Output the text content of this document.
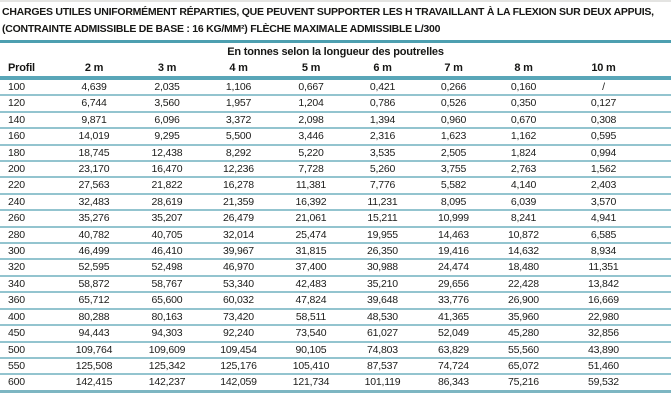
CHARGES UTILES UNIFORMÉMENT RÉPARTIES, QUE PEUVENT SUPPORTER LES H TRAVAILLANT À LA FLEXION SUR DEUX APPUIS,
(CONTRAINTE ADMISSIBLE DE BASE : 16 KG/MM²) FLÈCHE MAXIMALE ADMISSIBLE L/300
En tonnes selon la longueur des poutrelles
Profil	2 m	3 m	4 m	5 m	6 m	7 m	8 m	10 m
100	4,639	2,035	1,106	0,667	0,421	0,266	0,160	/
120	6,744	3,560	1,957	1,204	0,786	0,526	0,350	0,127
140	9,871	6,096	3,372	2,098	1,394	0,960	0,670	0,308
160	14,019	9,295	5,500	3,446	2,316	1,623	1,162	0,595
180	18,745	12,438	8,292	5,220	3,535	2,505	1,824	0,994
200	23,170	16,470	12,236	7,728	5,260	3,755	2,763	1,562
220	27,563	21,822	16,278	11,381	7,776	5,582	4,140	2,403
240	32,483	28,619	21,359	16,392	11,231	8,095	6,039	3,570
260	35,276	35,207	26,479	21,061	15,211	10,999	8,241	4,941
280	40,782	40,705	32,014	25,474	19,955	14,463	10,872	6,585
300	46,499	46,410	39,967	31,815	26,350	19,416	14,632	8,934
320	52,595	52,498	46,970	37,400	30,988	24,474	18,480	11,351
340	58,872	58,767	53,340	42,483	35,210	29,656	22,428	13,842
360	65,712	65,600	60,032	47,824	39,648	33,776	26,900	16,669
400	80,288	80,163	73,420	58,511	48,530	41,365	35,960	22,980
450	94,443	94,303	92,240	73,540	61,027	52,049	45,280	32,856
500	109,764	109,609	109,454	90,105	74,803	63,829	55,560	43,890
550	125,508	125,342	125,176	105,410	87,537	74,724	65,072	51,460
600	142,415	142,237	142,059	121,734	101,119	86,343	75,216	59,532
